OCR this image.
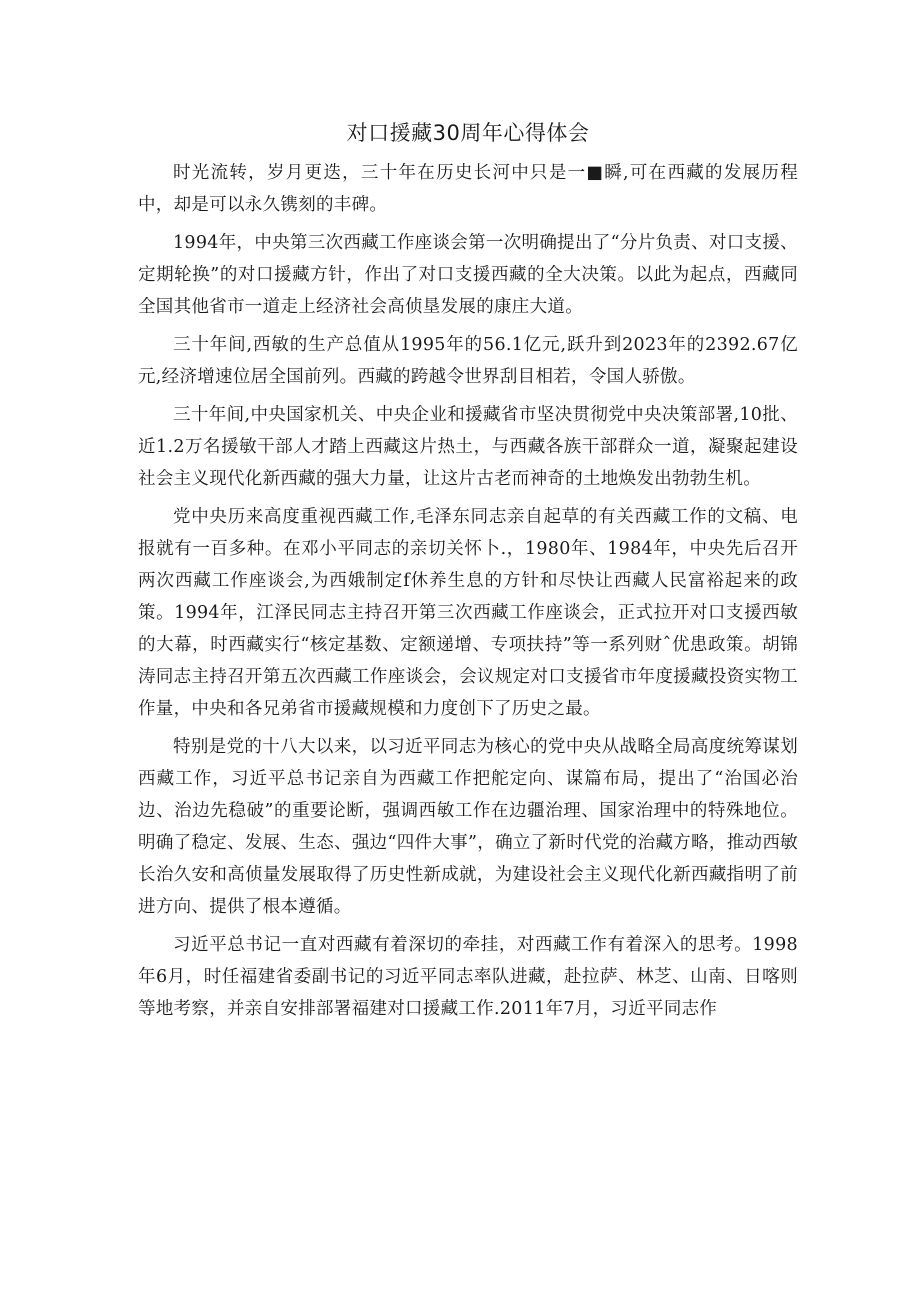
对口援藏30周年心得体会

时光流转，岁月更迭，三十年在历史长河中只是一■瞬,可在西藏的发展历程中，却是可以永久镌刻的丰碑。

1994年，中央第三次西藏工作座谈会第一次明确提出了“分片负责、对口支援、定期轮换”的对口援藏方针，作出了对口支援西藏的全大决策。以此为起点，西藏同全国其他省市一道走上经济社会高侦垦发展的康庄大道。

三十年间,西敏的生产总值从1995年的56.1亿元,跃升到2023年的2392.67亿元,经济增速位居全国前列。西藏的跨越令世界刮目相若，令国人骄傲。

三十年间,中央国家机关、中央企业和援藏省市坚决贯彻党中央决策部署,10批、近1.2万名援敏干部人才踏上西藏这片热土，与西藏各族干部群众一道，凝聚起建设社会主义现代化新西藏的强大力量，让这片古老而神奇的土地焕发出勃勃生机。

党中央历来高度重视西藏工作,毛泽东同志亲自起草的有关西藏工作的文稿、电报就有一百多种。在邓小平同志的亲切关怀卜.，1980年、1984年，中央先后召开两次西藏工作座谈会,为西娥制定f休养生息的方针和尽快让西藏人民富裕起来的政策。1994年，江泽民同志主持召开第三次西藏工作座谈会，正式拉开对口支援西敏的大幕，时西藏实行“核定基数、定额递增、专项扶持”等一系列财ˆ优患政策。胡锦涛同志主持召开第五次西藏工作座谈会，会议规定对口支援省市年度援藏投资实物工作量，中央和各兄弟省市援藏规模和力度创下了历史之最。

特别是党的十八大以来，以习近平同志为核心的党中央从战略全局高度统筹谋划西藏工作，习近平总书记亲自为西藏工作把舵定向、谋篇布局，提出了“治国必治边、治边先稳破”的重要论断，强调西敏工作在边疆治理、国家治理中的特殊地位。明确了稳定、发展、生态、强边“四件大事”，确立了新时代党的治藏方略，推动西敏长治久安和高侦量发展取得了历史性新成就，为建设社会主义现代化新西藏指明了前进方向、提供了根本遵循。

习近平总书记一直对西藏有着深切的牵挂，对西藏工作有着深入的思考。1998年6月，时任福建省委副书记的习近平同志率队进藏，赴拉萨、林芝、山南、日喀则等地考察，并亲自安排部署福建对口援藏工作.2011年7月，习近平同志作
